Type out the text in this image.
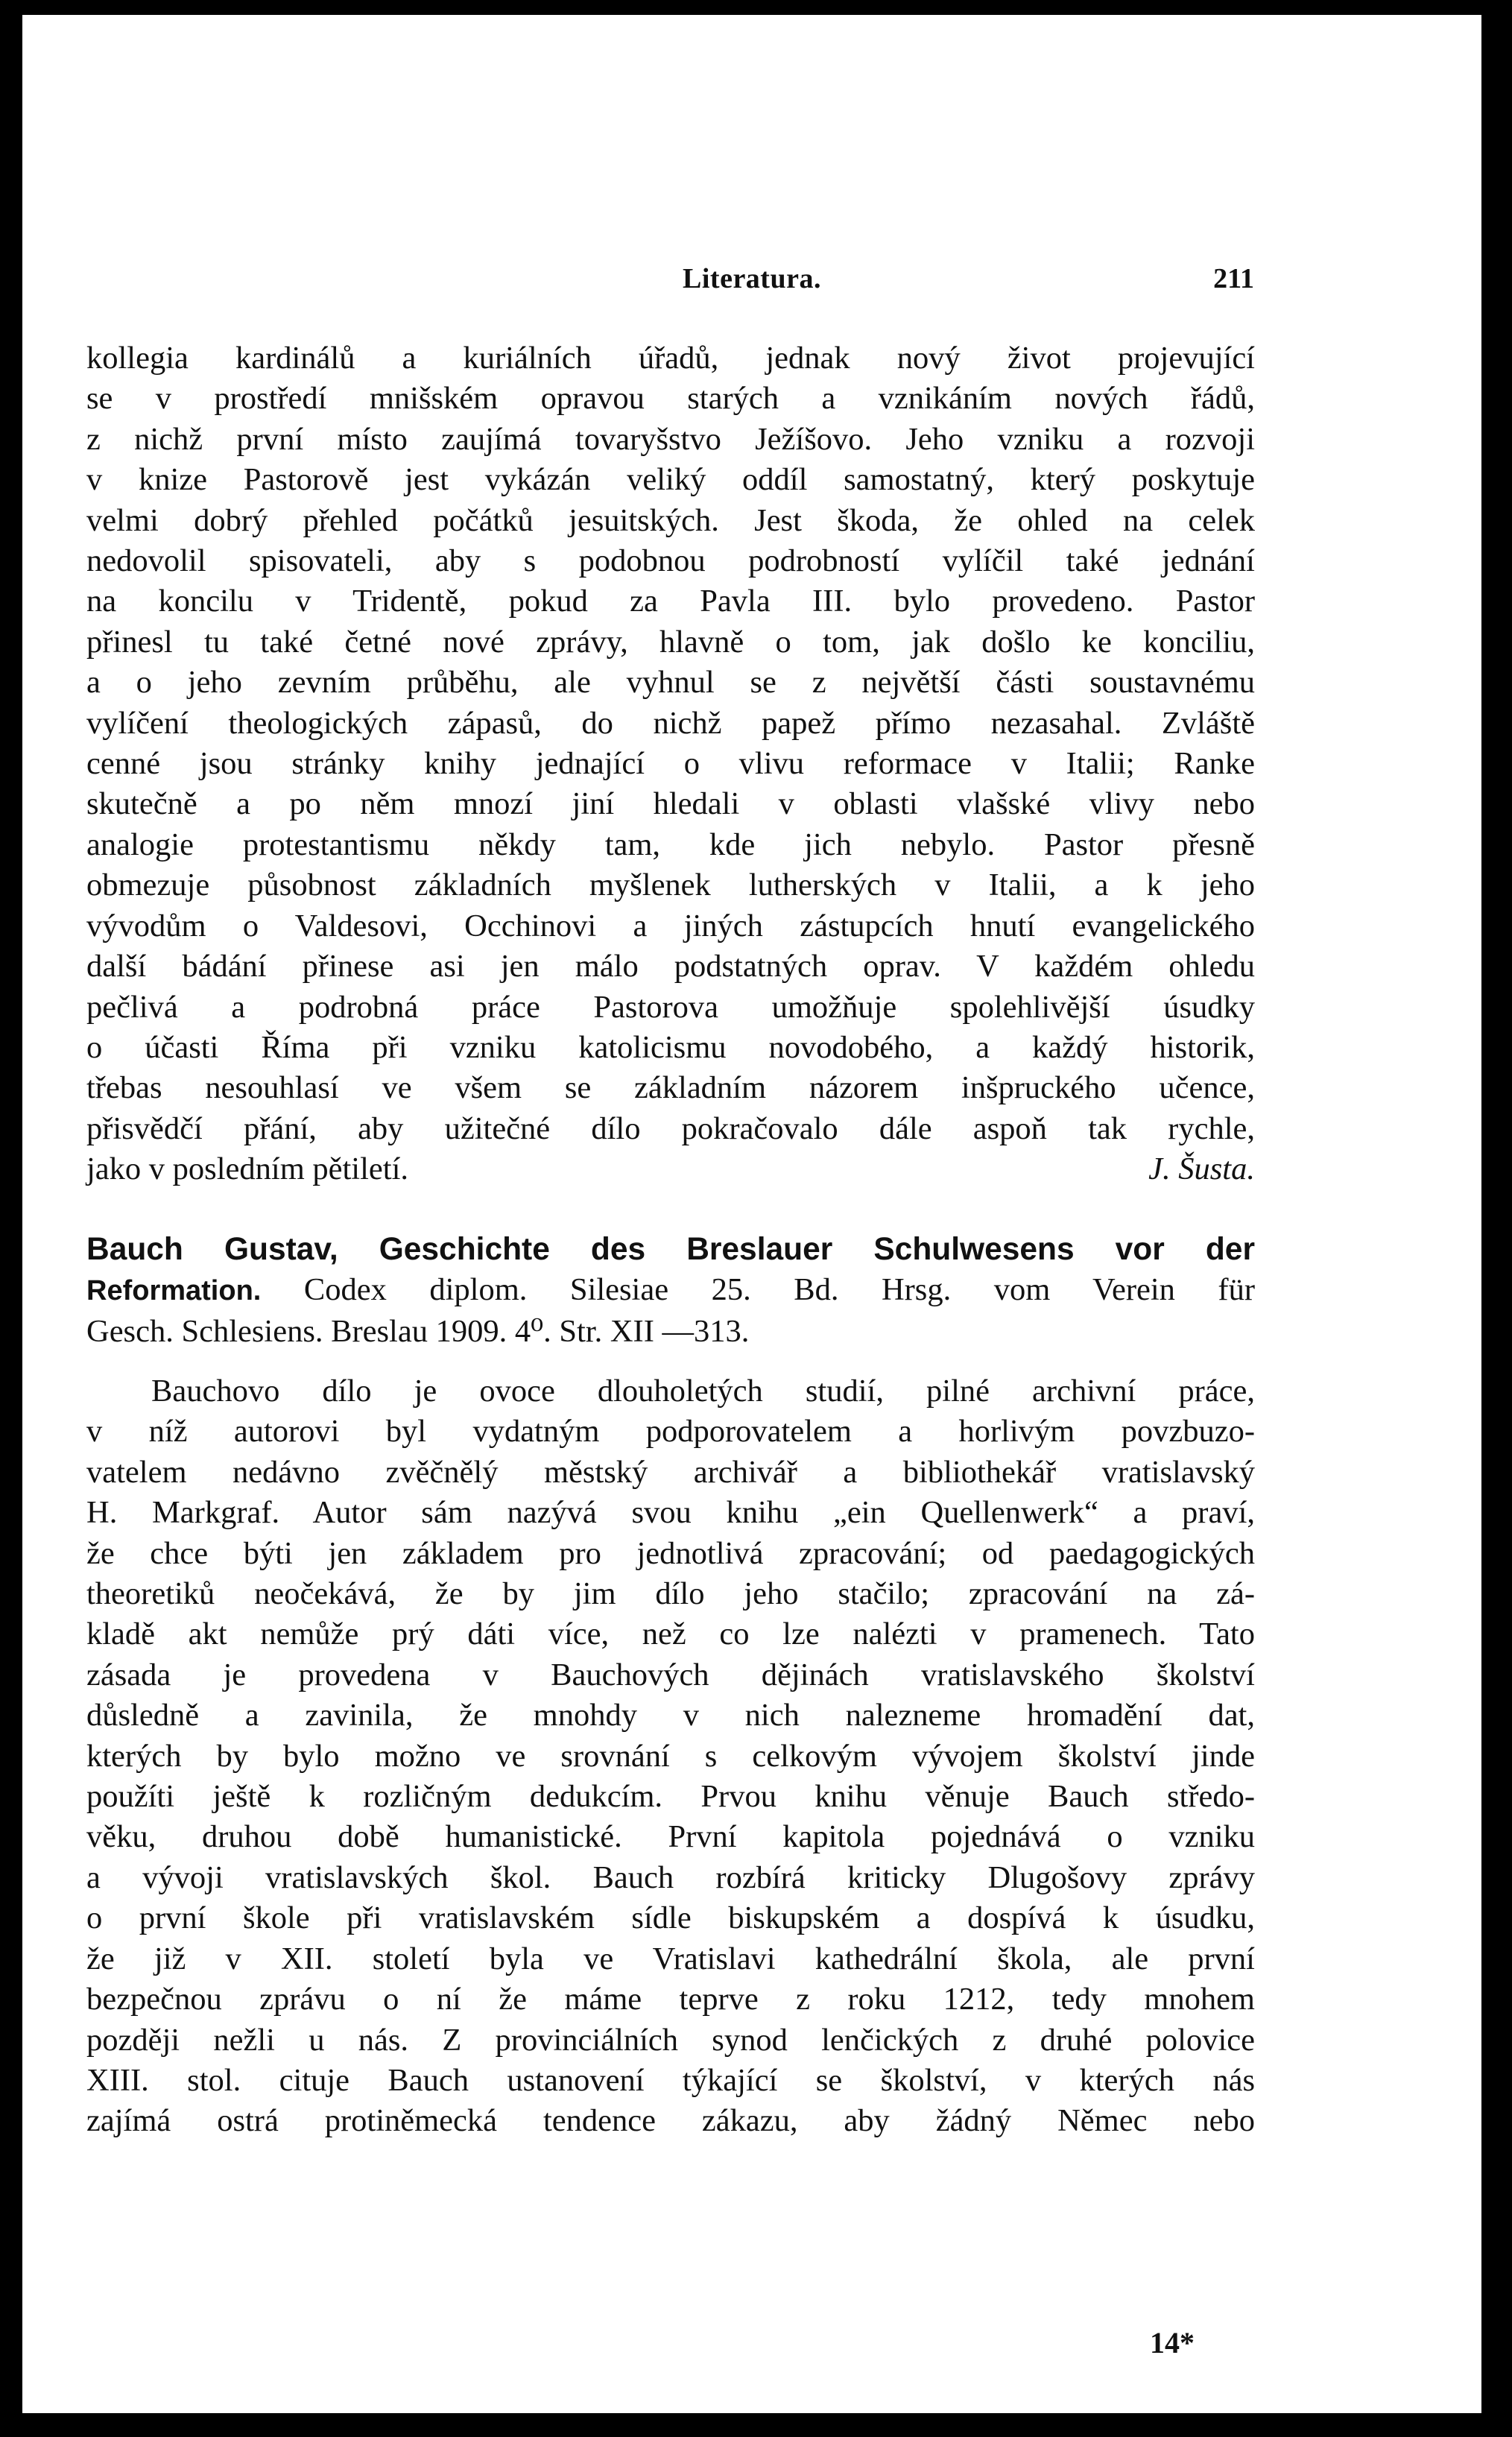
Literatura.	211
kollegia kardinálů a kuriálních úřadů, jednak nový život projevující
se v prostředí mnišském opravou starých a vznikáním nových řádů,
z nichž první místo zaujímá tovaryšstvo Ježíšovo. Jeho vzniku a rozvoji
v knize Pastorově jest vykázán veliký oddíl samostatný, který poskytuje
velmi dobrý přehled počátků jesuitských. Jest škoda, že ohled na celek
nedovolil spisovateli, aby s podobnou podrobností vylíčil také jednání
na koncilu v Tridentě, pokud za Pavla III. bylo provedeno. Pastor
přinesl tu také četné nové zprávy, hlavně o tom, jak došlo ke konciliu,
a o jeho zevním průběhu, ale vyhnul se z největší části soustavnému
vylíčení theologických zápasů, do nichž papež přímo nezasahal. Zvláště
cenné jsou stránky knihy jednající o vlivu reformace v Italii; Ranke
skutečně a po něm mnozí jiní hledali v oblasti vlašské vlivy nebo
analogie protestantismu někdy tam, kde jich nebylo. Pastor přesně
obmezuje působnost základních myšlenek lutherských v Italii, a k jeho
vývodům o Valdesovi, Occhinovi a jiných zástupcích hnutí evangelického
další bádání přinese asi jen málo podstatných oprav. V každém ohledu
pečlivá a podrobná práce Pastorova umožňuje spolehlivější úsudky
o účasti Říma při vzniku katolicismu novodobého, a každý historik,
třebas nesouhlasí ve všem se základním názorem inšpruckého učence,
přisvědčí přání, aby užitečné dílo pokračovalo dále aspoň tak rychle,
jako v posledním pětiletí.	J. Šusta.
Bauch Gustav, Geschichte des Breslauer Schulwesens vor der
Reformation. Codex diplom. Silesiae 25. Bd. Hrsg. vom Verein für
Gesch. Schlesiens. Breslau 1909. 4⁰. Str. XII —313.
Bauchovo dílo je ovoce dlouholetých studií, pilné archivní práce,
v níž autorovi byl vydatným podporovatelem a horlivým povzbuzo-
vatelem nedávno zvěčnělý městský archivář a bibliothekář vratislavský
H. Markgraf. Autor sám nazývá svou knihu „ein Quellenwerk“ a praví,
že chce býti jen základem pro jednotlivá zpracování; od paedagogických
theoretiků neočekává, že by jim dílo jeho stačilo; zpracování na zá-
kladě akt nemůže prý dáti více, než co lze nalézti v pramenech. Tato
zásada je provedena v Bauchových dějinách vratislavského školství
důsledně a zavinila, že mnohdy v nich nalezneme hromadění dat,
kterých by bylo možno ve srovnání s celkovým vývojem školství jinde
použíti ještě k rozličným dedukcím. Prvou knihu věnuje Bauch středo-
věku, druhou době humanistické. První kapitola pojednává o vzniku
a vývoji vratislavských škol. Bauch rozbírá kriticky Dlugošovy zprávy
o první škole při vratislavském sídle biskupském a dospívá k úsudku,
že již v XII. století byla ve Vratislavi kathedrální škola, ale první
bezpečnou zprávu o ní že máme teprve z roku 1212, tedy mnohem
později nežli u nás. Z provinciálních synod lenčických z druhé polovice
XIII. stol. cituje Bauch ustanovení týkající se školství, v kterých nás
zajímá ostrá protiněmecká tendence zákazu, aby žádný Němec nebo
14*
